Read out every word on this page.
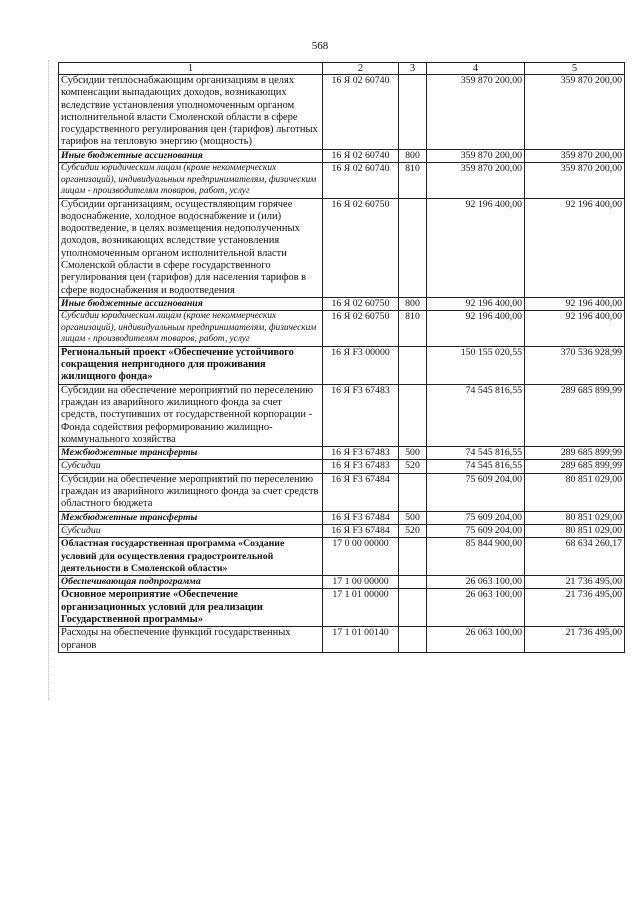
568
1	2	3	4	5
Субсидии теплоснабжающим организациям в целях компенсации выпадающих доходов, возникающих вследствие установления уполномоченным органом исполнительной власти Смоленской области в сфере государственного регулирования цен (тарифов) льготных тарифов на тепловую энергию (мощность)	16 Я 02 60740		359 870 200,00	359 870 200,00
Иные бюджетные ассигнования	16 Я 02 60740	800	359 870 200,00	359 870 200,00
Субсидии юридическим лицам (кроме некоммерческих организаций), индивидуальным предпринимателям, физическим лицам - производителям товаров, работ, услуг	16 Я 02 60740	810	359 870 200,00	359 870 200,00
Субсидии организациям, осуществляющим горячее водоснабжение, холодное водоснабжение и (или) водоотведение, в целях возмещения недополученных доходов, возникающих вследствие установления уполномоченным органом исполнительной власти Смоленской области в сфере государственного регулирования цен (тарифов) для населения тарифов в сфере водоснабжения и водоотведения	16 Я 02 60750		92 196 400,00	92 196 400,00
Иные бюджетные ассигнования	16 Я 02 60750	800	92 196 400,00	92 196 400,00
Субсидии юридическим лицам (кроме некоммерческих организаций), индивидуальным предпринимателям, физическим лицам - производителям товаров, работ, услуг	16 Я 02 60750	810	92 196 400,00	92 196 400,00
Региональный проект «Обеспечение устойчивого сокращения непригодного для проживания жилищного фонда»	16 Я F3 00000		150 155 020,55	370 536 928,99
Субсидии на обеспечение мероприятий по переселению граждан из аварийного жилищного фонда за счет средств, поступивших от государственной корпорации - Фонда содействия реформированию жилищно-коммунального хозяйства	16 Я F3 67483		74 545 816,55	289 685 899,99
Межбюджетные трансферты	16 Я F3 67483	500	74 545 816,55	289 685 899,99
Субсидии	16 Я F3 67483	520	74 545 816,55	289 685 899,99
Субсидии на обеспечение мероприятий по переселению граждан из аварийного жилищного фонда за счет средств областного бюджета	16 Я F3 67484		75 609 204,00	80 851 029,00
Межбюджетные трансферты	16 Я F3 67484	500	75 609 204,00	80 851 029,00
Субсидии	16 Я F3 67484	520	75 609 204,00	80 851 029,00
Областная государственная программа «Создание условий для осуществления градостроительной деятельности в Смоленской области»	17 0 00 00000		85 844 900,00	68 634 260,17
Обеспечивающая подпрограмма	17 1 00 00000		26 063 100,00	21 736 495,00
Основное мероприятие «Обеспечение организационных условий для реализации Государственной программы»	17 1 01 00000		26 063 100,00	21 736 495,00
Расходы на обеспечение функций государственных органов	17 1 01 00140		26 063 100,00	21 736 495,00
